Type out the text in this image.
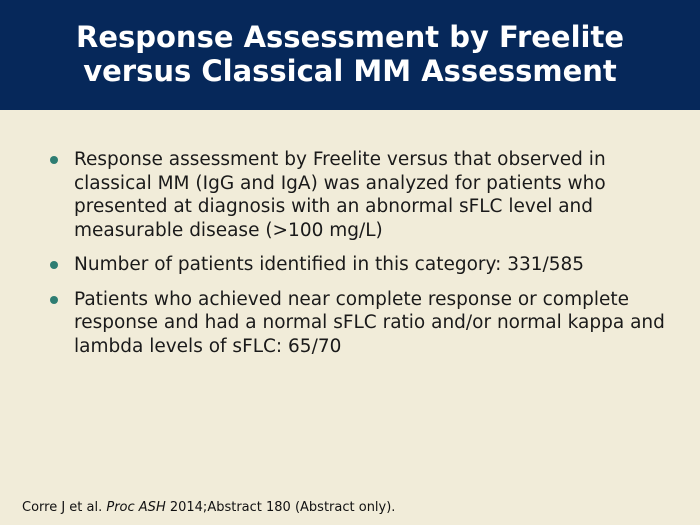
Response Assessment by Freelite
versus Classical MM Assessment
Response assessment by Freelite versus that observed in classical MM (IgG and IgA) was analyzed for patients who presented at diagnosis with an abnormal sFLC level and measurable disease (>100 mg/L)
Number of patients identified in this category: 331/585
Patients who achieved near complete response or complete response and had a normal sFLC ratio and/or normal kappa and lambda levels of sFLC: 65/70
Corre J et al. Proc ASH 2014;Abstract 180 (Abstract only).
